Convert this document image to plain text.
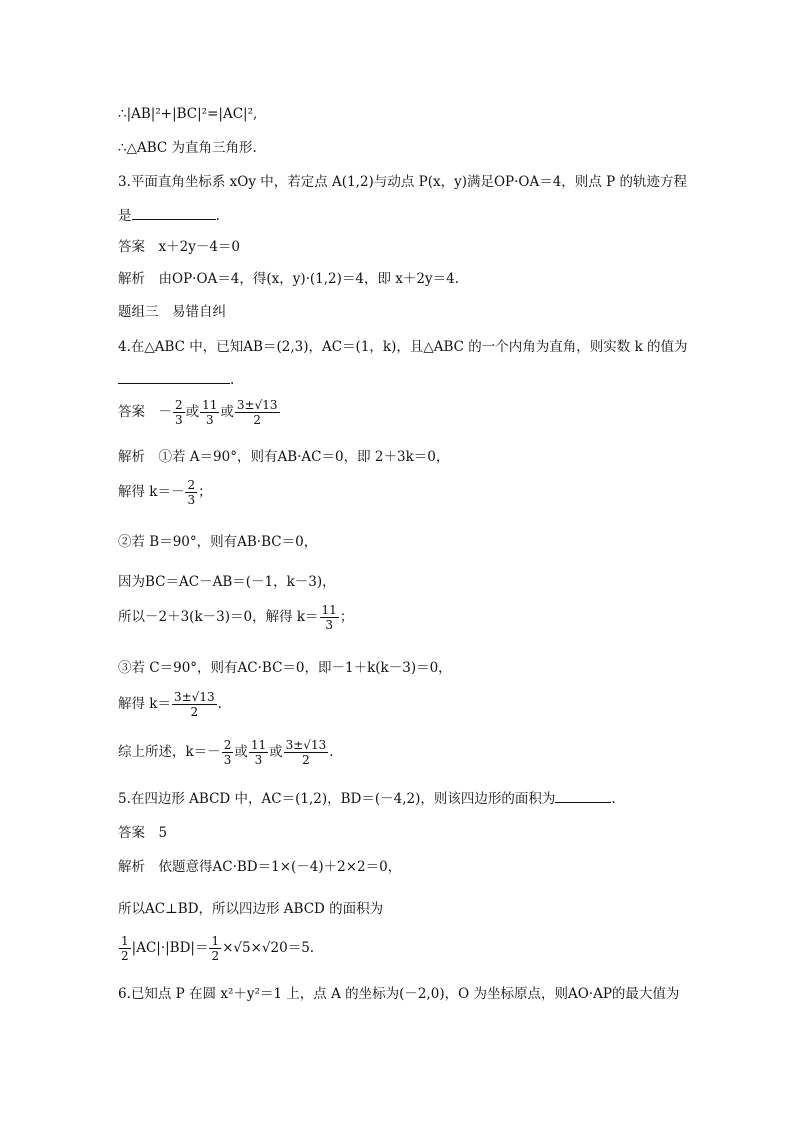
∴|AB|²+|BC|²=|AC|²,
∴△ABC 为直角三角形.
3.平面直角坐标系 xOy 中，若定点 A(1,2)与动点 P(x，y)满足OP·OA＝4，则点 P 的轨迹方程
是	.
答案　x＋2y－4＝0
解析　由OP·OA＝4，得(x，y)·(1,2)＝4，即 x＋2y＝4.
题组三　易错自纠
4.在△ABC 中，已知AB＝(2,3)，AC＝(1，k)，且△ABC 的一个内角为直角，则实数 k 的值为
.
答案　－ $\frac{2}{3}$ 或 $\frac{11}{3}$ 或 $\frac{3\pm√13}{2}$
解析　①若 A＝90°，则有AB·AC＝0，即 2＋3k＝0，
解得 $k=- \frac{2}{3}$ ；
②若 B＝90°，则有AB·BC＝0，
因为BC＝AC－AB＝(－1，k－3)，
所以－2＋3(k－3)＝0，解得 $k= \frac{11}{3}$ ；
③若 C＝90°，则有AC·BC＝0，即－1＋k(k－3)＝0，
解得 $k= \frac{3\pm√13}{2}$ .
综上所述，$k=- \frac{2}{3}$ 或 $\frac{11}{3}$ 或 $\frac{3\pm√13}{2}$ .
5.在四边形 ABCD 中，AC＝(1,2)，BD＝(－4,2)，则该四边形的面积为	.
答案　5
解析　依题意得AC·BD＝1×(－4)＋2×2＝0，
所以AC⊥BD，所以四边形 ABCD 的面积为
$\frac{1}{2} |AC|\cdot|BD|= \frac{1}{2} \times√5\times√20=5$.
6.已知点 P 在圆 x²＋y²＝1 上，点 A 的坐标为(－2,0)，O 为坐标原点，则AO·AP的最大值为
